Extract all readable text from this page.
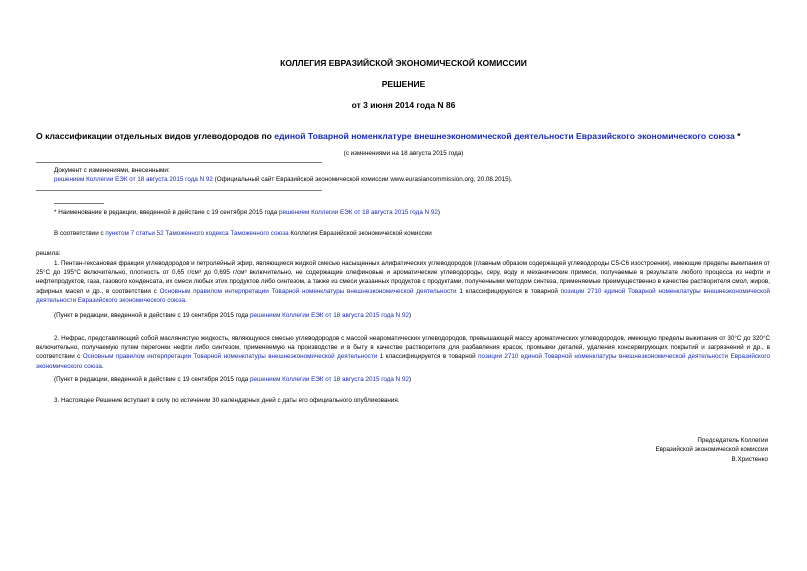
КОЛЛЕГИЯ ЕВРАЗИЙСКОЙ ЭКОНОМИЧЕСКОЙ КОМИССИИ
РЕШЕНИЕ
от 3 июня 2014 года N 86
О классификации отдельных видов углеводородов по единой Товарной номенклатуре внешнеэкономической деятельности Евразийского экономического союза *
(с изменениями на 18 августа 2015 года)
Документ с изменениями, внесенными:
решением Коллегии ЕЭК от 18 августа 2015 года N 92 (Официальный сайт Евразийской экономической комиссии www.eurasiancommission.org, 20.08.2015).
* Наименование в редакции, введенной в действие с 19 сентября 2015 года решением Коллегии ЕЭК от 18 августа 2015 года N 92)
В соответствии с пунктом 7 статьи 52 Таможенного кодекса Таможенного союза Коллегия Евразийской экономической комиссии
решила:
1. Пентан-гексановая фракция углеводородов и петролейный эфир, являющиеся жидкой смесью насыщенных алифатических углеводородов (главным образом содержащей углеводороды С5-С6 изостроения), имеющие пределы выкипания от 25°С до 195°С включительно, плотность от 0,65 г/см³ до 0,695 г/см³ включительно, не содержащие олефиновые и ароматические углеводороды, серу, воду и механические примеси, получаемые в результате любого процесса из нефти и нефтепродуктов, газа, газового конденсата, их смеси любых этих продуктов либо синтезом, а также из смеси указанных продуктов с продуктами, полученными методом синтеза, применяемые преимущественно в качестве растворителя смол, жиров, эфирных масел и др., в соответствии с Основным правилом интерпретации Товарной номенклатуры внешнеэкономической деятельности 1 классифицируются в товарной позиции 2710 единой Товарной номенклатуры внешнеэкономической деятельности Евразийского экономического союза.
(Пункт в редакции, введенной в действие с 19 сентября 2015 года решением Коллегии ЕЭК от 18 августа 2015 года N 92)
2. Нефрас, представляющий собой маслянистую жидкость, являющуюся смесью углеводородов с массой неароматических углеводородов, превышающей массу ароматических углеводородов, имеющую пределы выкипания от 30°С до 320°С включительно, получаемую путем перегонки нефти либо синтезом, применяемую на производстве и в быту в качестве растворителя для разбавления красок, промывки деталей, удаления консервирующих покрытий и загрязнений и др., в соответствии с Основным правилом интерпретации Товарной номенклатуры внешнеэкономической деятельности 1 классифицируется в товарной позиции 2710 единой Товарной номенклатуры внешнеэкономической деятельности Евразийского экономического союза.
(Пункт в редакции, введенной в действие с 19 сентября 2015 года решением Коллегии ЕЭК от 18 августа 2015 года N 92)
3. Настоящее Решение вступает в силу по истечении 30 календарных дней с даты его официального опубликования.
Председатель Коллегии
Евразийской экономической комиссии
В.Христенко
